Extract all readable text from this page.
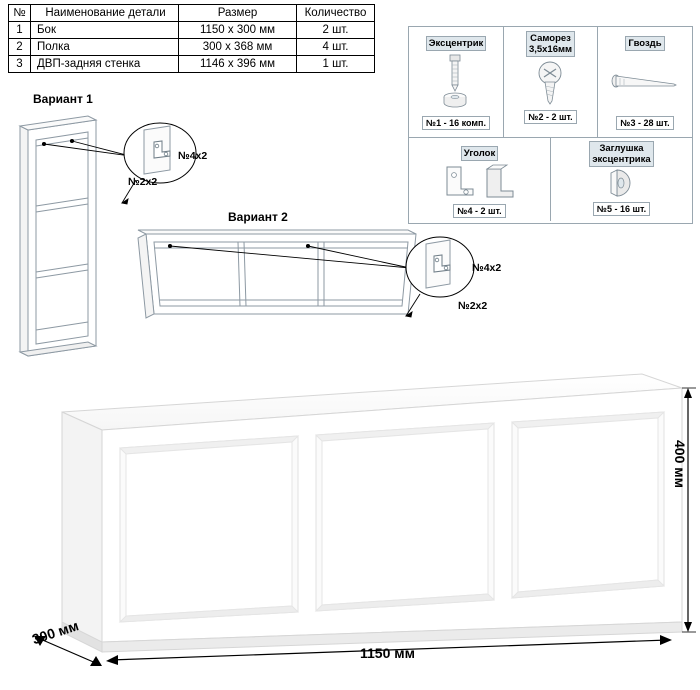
№	Наименование детали	Размер	Количество
1	Бок	1150 х 300 мм	2 шт.
2	Полка	300 х 368 мм	4 шт.
3	ДВП-задняя стенка	1146 х 396 мм	1 шт.
Эксцентрик
№1 - 16 комп.
Саморез
3,5х16мм
№2 - 2 шт.
Гвоздь
№3 - 28 шт.
Уголок
№4 - 2 шт.
Заглушка
эксцентрика
№5 - 16 шт.
Вариант 1
№4х2
№2х2
Вариант 2
№4х2
№2х2
400 мм
1150 мм
300 мм
